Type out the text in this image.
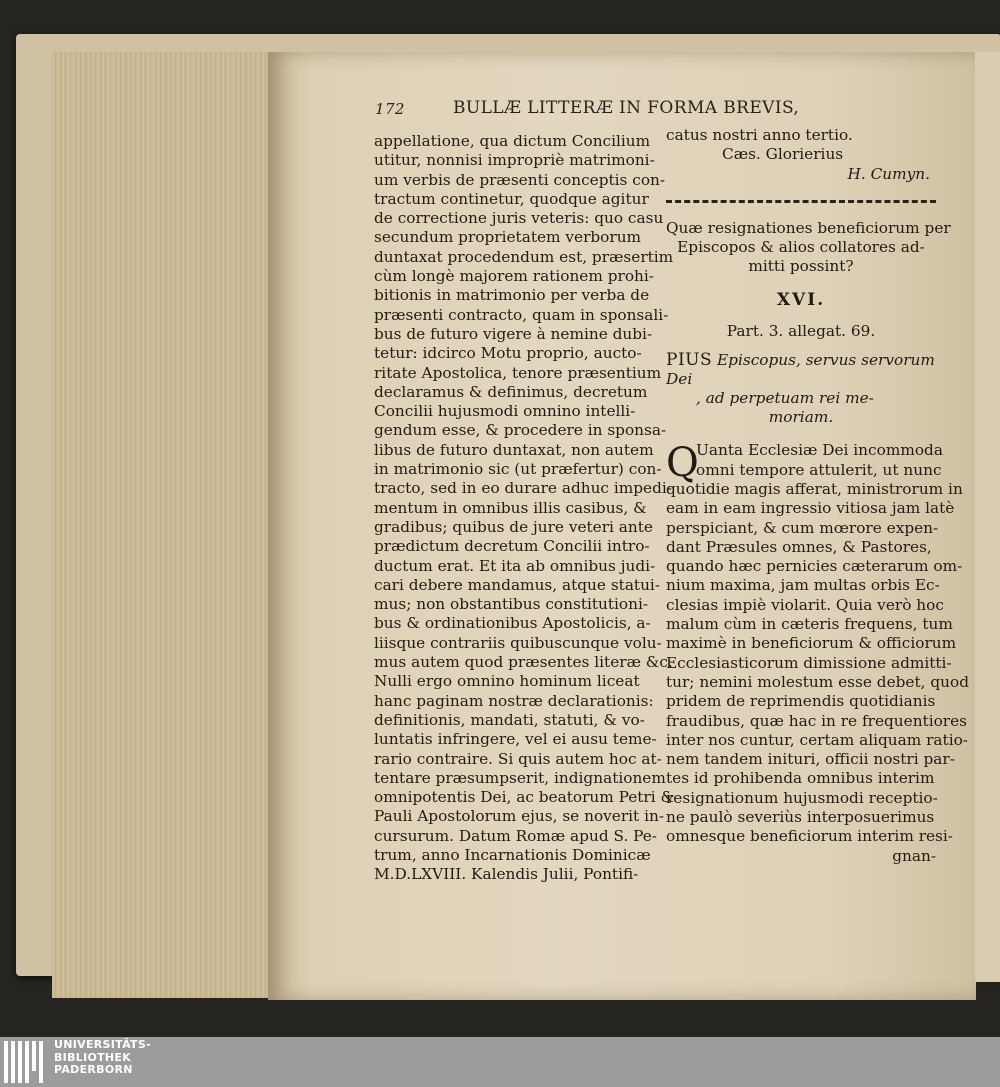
172	BULLÆ LITTERÆ IN FORMA BREVIS,
appellatione, qua dictum Concilium
utitur, nonnisi impropriè matrimoni-
um verbis de præsenti conceptis con-
tractum continetur, quodque agitur
de correctione juris veteris: quo casu
secundum proprietatem verborum
duntaxat procedendum est, præsertim
cùm longè majorem rationem prohi-
bitionis in matrimonio per verba de
præsenti contracto, quam in sponsali-
bus de futuro vigere à nemine dubi-
tetur: idcirco Motu proprio, aucto-
ritate Apostolica, tenore præsentium
declaramus & definimus, decretum
Concilii hujusmodi omnino intelli-
gendum esse, & procedere in sponsa-
libus de futuro duntaxat, non autem
in matrimonio sic (ut præfertur) con-
tracto, sed in eo durare adhuc impedi-
mentum in omnibus illis casibus, &
gradibus; quibus de jure veteri ante
prædictum decretum Concilii intro-
ductum erat. Et ita ab omnibus judi-
cari debere mandamus, atque statui-
mus; non obstantibus constitutioni-
bus & ordinationibus Apostolicis, a-
liisque contrariis quibuscunque volu-
mus autem quod præsentes literæ &c.
Nulli ergo omnino hominum liceat
hanc paginam nostræ declarationis:
definitionis, mandati, statuti, & vo-
luntatis infringere, vel ei ausu teme-
rario contraire. Si quis autem hoc at-
tentare præsumpserit, indignationem
omnipotentis Dei, ac beatorum Petri &
Pauli Apostolorum ejus, se noverit in-
cursurum. Datum Romæ apud S. Pe-
trum, anno Incarnationis Dominicæ
M.D.LXVIII. Kalendis Julii, Pontifi-
catus nostri anno tertio.
Cæs. Glorierius
H. Cumyn.
Quæ resignationes beneficiorum per
Episcopos & alios collatores ad-
mitti possint?
XVI.
Part. 3. allegat. 69.
PIUS Episcopus, servus servorum Dei
, ad perpetuam rei me-
moriam.
Q
Uanta Ecclesiæ Dei incommoda
omni tempore attulerit, ut nunc
quotidie magis afferat, ministrorum in
eam in eam ingressio vitiosa jam latè
perspiciant, & cum mœrore expen-
dant Præsules omnes, & Pastores,
quando hæc pernicies cæterarum om-
nium maxima, jam multas orbis Ec-
clesias impiè violarit. Quia verò hoc
malum cùm in cæteris frequens, tum
maximè in beneficiorum & officiorum
Ecclesiasticorum dimissione admitti-
tur; nemini molestum esse debet, quod
pridem de reprimendis quotidianis
fraudibus, quæ hac in re frequentiores
inter nos cuntur, certam aliquam ratio-
nem tandem inituri, officii nostri par-
tes id prohibenda omnibus interim
resignationum hujusmodi receptio-
ne paulò severiùs interposuerimus
omnesque beneficiorum interim resi-
gnan-
UNIVERSITÄTS-
BIBLIOTHEK
PADERBORN
